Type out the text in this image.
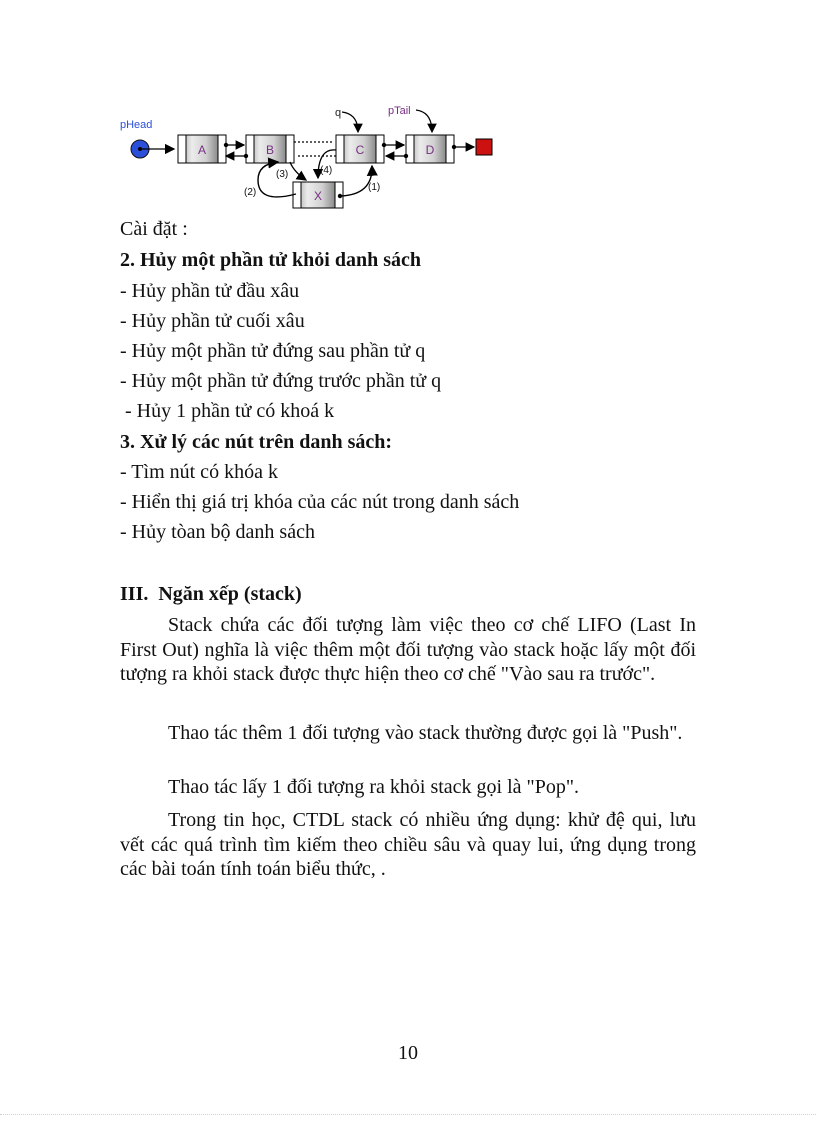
pHead
A	B	C	D
X
q	pTail
(1)
(2)
(3)	(4)
Cài đặt :
2. Hủy một phần tử khỏi danh sách
- Hủy phần tử đầu xâu
- Hủy phần tử cuối xâu
- Hủy một phần tử đứng sau phần tử q
- Hủy một phần tử đứng trước phần tử q
- Hủy 1 phần tử có khoá k
3. Xử lý các nút trên danh sách:
- Tìm nút có khóa k
- Hiển thị giá trị khóa của các nút trong danh sách
- Hủy tòan bộ danh sách
III.  Ngăn xếp (stack)

Stack chứa các đối tượng làm việc theo cơ chế LIFO (Last In First Out) nghĩa là việc thêm một đối tượng vào stack hoặc lấy một đối tượng ra khỏi stack được thực hiện theo cơ chế "Vào sau ra trước".

Thao tác thêm 1 đối tượng vào stack thường được gọi là "Push".

Thao tác lấy 1 đối tượng ra khỏi stack gọi là "Pop".

Trong tin học, CTDL stack có nhiều ứng dụng: khử đệ qui, lưu vết các quá trình tìm kiếm theo chiều sâu và quay lui, ứng dụng trong các bài toán tính toán biểu thức, .

10
